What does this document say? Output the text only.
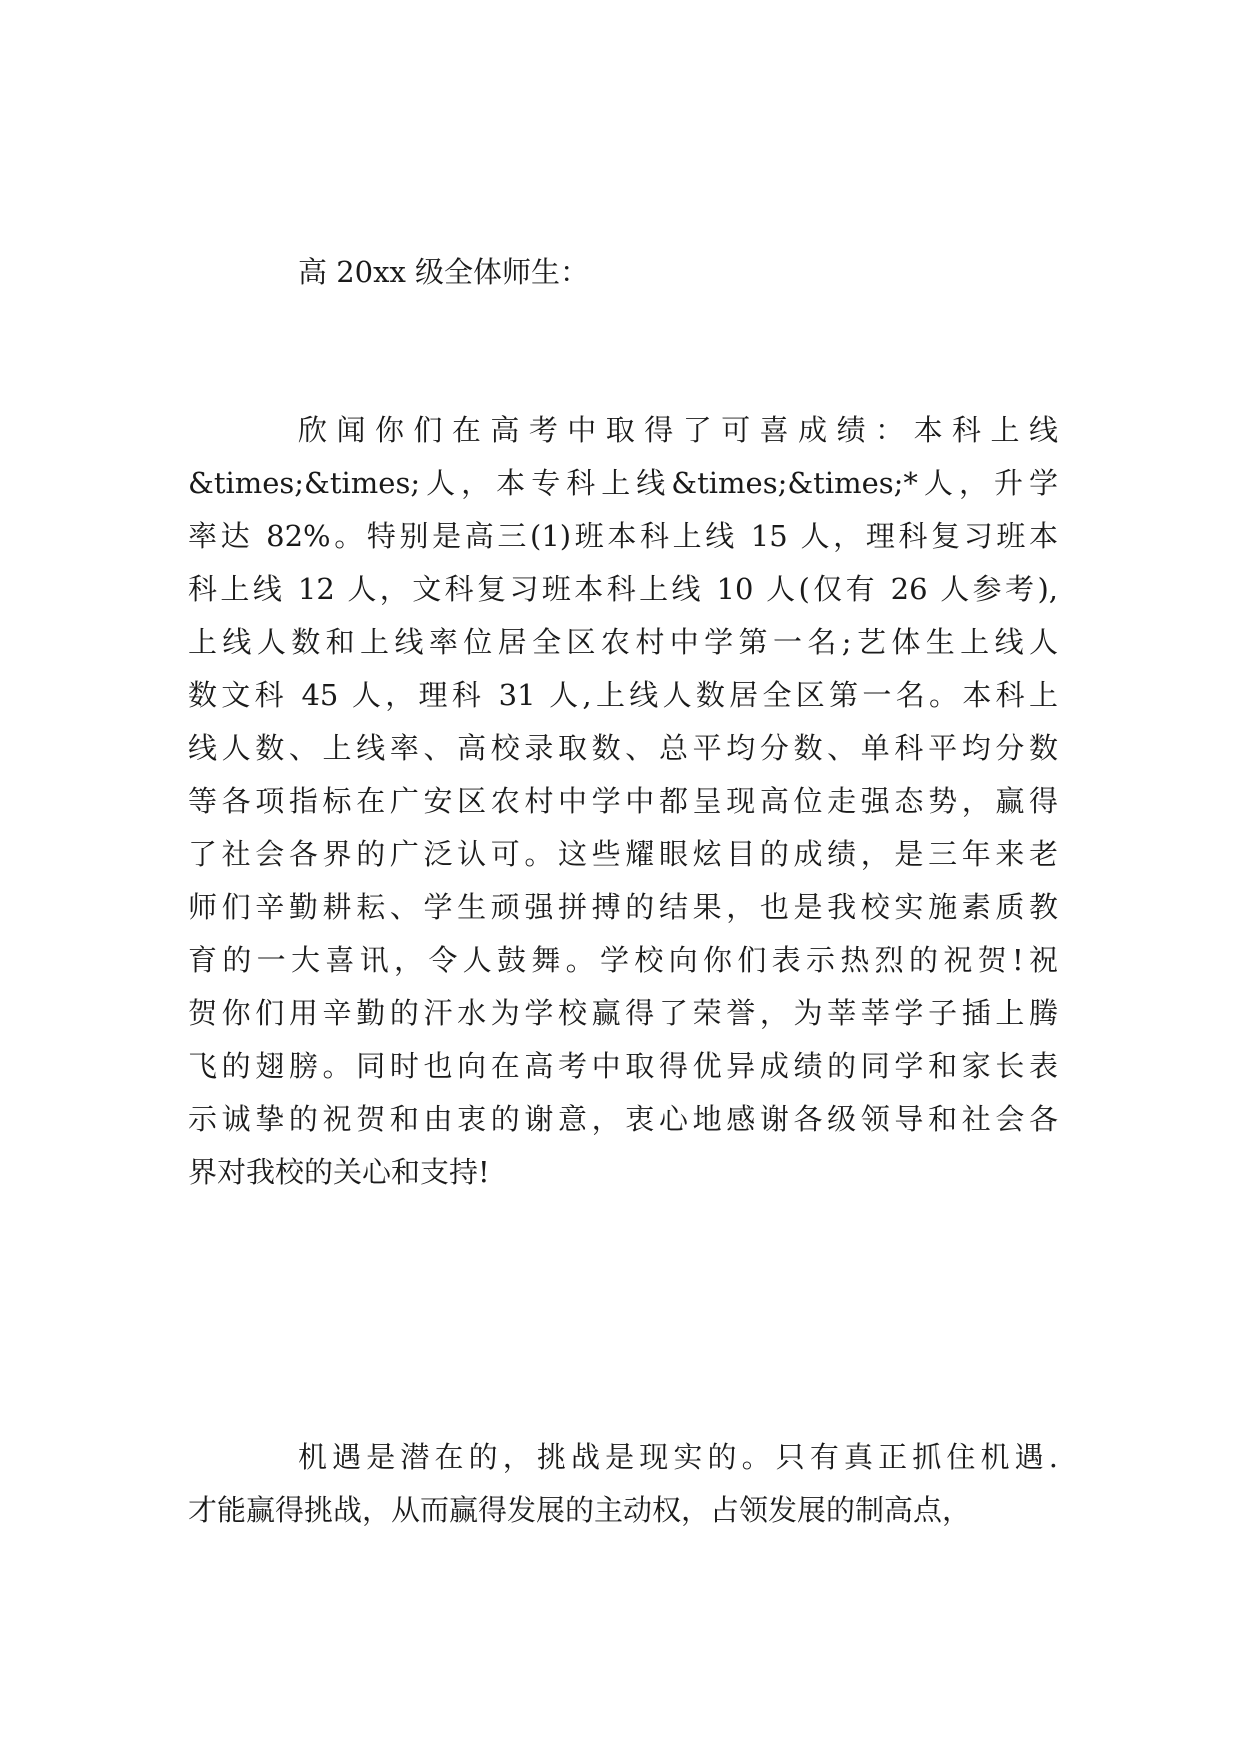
高 20xx 级全体师生：
欣闻你们在高考中取得了可喜成绩：本科上线
&times;&times;人，本专科上线&times;&times;*人，升学
率达 82%。特别是高三(1)班本科上线 15 人，理科复习班本
科上线 12 人，文科复习班本科上线 10 人(仅有 26 人参考),
上线人数和上线率位居全区农村中学第一名;艺体生上线人
数文科 45 人，理科 31 人,上线人数居全区第一名。本科上
线人数、上线率、高校录取数、总平均分数、单科平均分数
等各项指标在广安区农村中学中都呈现高位走强态势，赢得
了社会各界的广泛认可。这些耀眼炫目的成绩，是三年来老
师们辛勤耕耘、学生顽强拼搏的结果，也是我校实施素质教
育的一大喜讯，令人鼓舞。学校向你们表示热烈的祝贺!祝
贺你们用辛勤的汗水为学校赢得了荣誉，为莘莘学子插上腾
飞的翅膀。同时也向在高考中取得优异成绩的同学和家长表
示诚挚的祝贺和由衷的谢意，衷心地感谢各级领导和社会各
界对我校的关心和支持!
机遇是潜在的，挑战是现实的。只有真正抓住机遇.
才能赢得挑战，从而赢得发展的主动权，占领发展的制高点，
